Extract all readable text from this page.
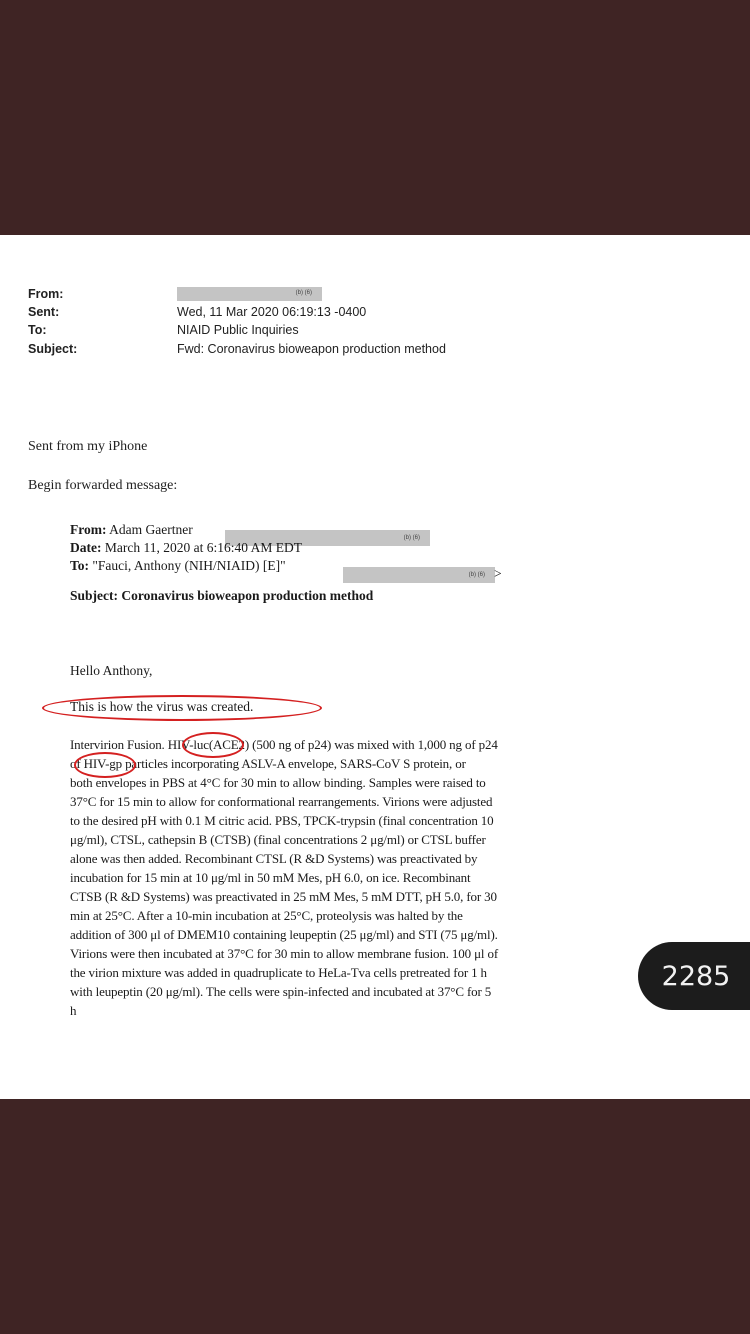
From:
Sent:
To:
Subject:
(b) (6)
Wed, 11 Mar 2020 06:19:13 -0400
NIAID Public Inquiries
Fwd: Coronavirus bioweapon production method
Sent from my iPhone
Begin forwarded message:
From: Adam Gaertner
(b) (6)
Date: March 11, 2020 at 6:16:40 AM EDT
To: "Fauci, Anthony (NIH/NIAID) [E]"
(b) (6) >
Subject: Coronavirus bioweapon production method
Hello Anthony,
This is how the virus was created.
Intervirion Fusion. HIV-luc(ACE2) (500 ng of p24) was mixed with 1,000 ng of p24
of HIV-gp particles incorporating ASLV-A envelope, SARS-CoV S protein, or
both envelopes in PBS at 4°C for 30 min to allow binding. Samples were raised to
37°C for 15 min to allow for conformational rearrangements. Virions were adjusted
to the desired pH with 0.1 M citric acid. PBS, TPCK-trypsin (final concentration 10
μg/ml), CTSL, cathepsin B (CTSB) (final concentrations 2 μg/ml) or CTSL buffer
alone was then added. Recombinant CTSL (R &D Systems) was preactivated by
incubation for 15 min at 10 μg/ml in 50 mM Mes, pH 6.0, on ice. Recombinant
CTSB (R &D Systems) was preactivated in 25 mM Mes, 5 mM DTT, pH 5.0, for 30
min at 25°C. After a 10-min incubation at 25°C, proteolysis was halted by the
addition of 300 μl of DMEM10 containing leupeptin (25 μg/ml) and STI (75 μg/ml).
Virions were then incubated at 37°C for 30 min to allow membrane fusion. 100 μl of
the virion mixture was added in quadruplicate to HeLa-Tva cells pretreated for 1 h
with leupeptin (20 μg/ml). The cells were spin-infected and incubated at 37°C for 5
h
2285
